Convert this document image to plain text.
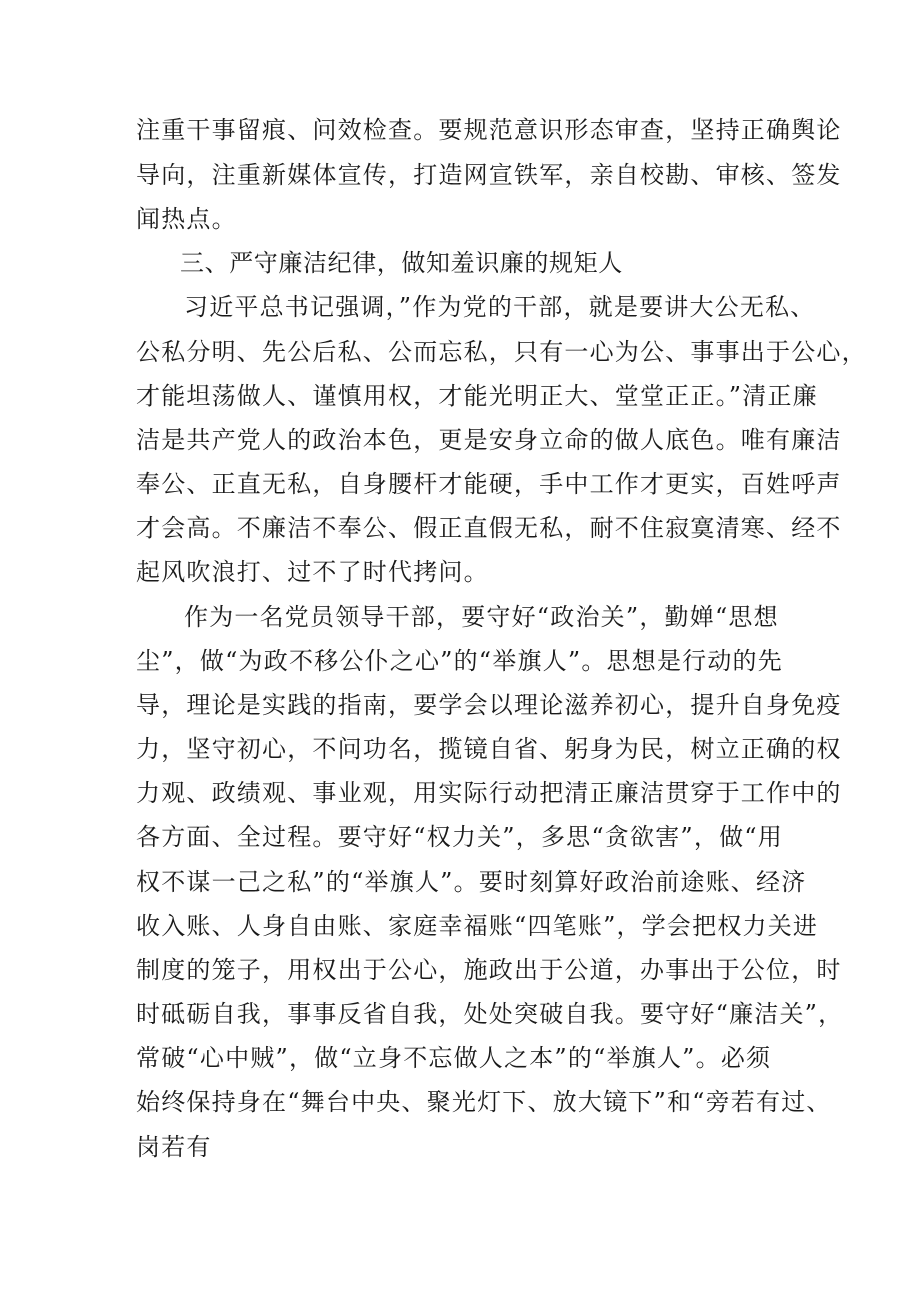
注重干事留痕、问效检查。要规范意识形态审查，坚持正确舆论

导向，注重新媒体宣传，打造网宣铁军，亲自校勘、审核、签发

闻热点。

三、严守廉洁纪律，做知羞识廉的规矩人

习近平总书记强调，”作为党的干部，就是要讲大公无私、

公私分明、先公后私、公而忘私，只有一心为公、事事出于公心，

才能坦荡做人、谨慎用权，才能光明正大、堂堂正正。”清正廉

洁是共产党人的政治本色，更是安身立命的做人底色。唯有廉洁

奉公、正直无私，自身腰杆才能硬，手中工作才更实，百姓呼声

才会高。不廉洁不奉公、假正直假无私，耐不住寂寞清寒、经不

起风吹浪打、过不了时代拷问。

作为一名党员领导干部，要守好“政治关”，勤婵“思想

尘”，做“为政不移公仆之心”的“举旗人”。思想是行动的先

导，理论是实践的指南，要学会以理论滋养初心，提升自身免疫

力，坚守初心，不问功名，揽镜自省、躬身为民，树立正确的权

力观、政绩观、事业观，用实际行动把清正廉洁贯穿于工作中的

各方面、全过程。要守好“权力关”，多思“贪欲害”，做“用

权不谋一己之私”的“举旗人”。要时刻算好政治前途账、经济

收入账、人身自由账、家庭幸福账“四笔账”，学会把权力关进

制度的笼子，用权出于公心，施政出于公道，办事出于公位，时

时砥砺自我，事事反省自我，处处突破自我。要守好“廉洁关”，

常破“心中贼”，做“立身不忘做人之本”的“举旗人”。必须

始终保持身在“舞台中央、聚光灯下、放大镜下”和“旁若有过、

岗若有
